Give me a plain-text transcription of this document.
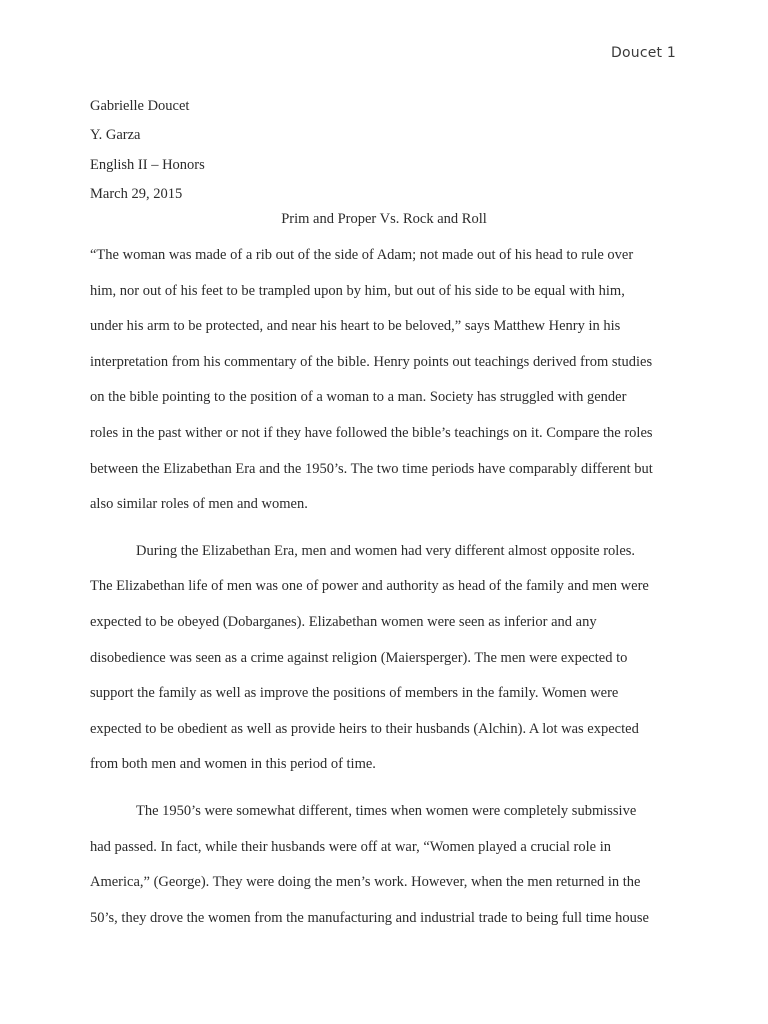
Doucet 1
Gabrielle Doucet
Y. Garza
English II – Honors
March 29, 2015
Prim and Proper Vs. Rock and Roll
“The woman was made of a rib out of the side of Adam; not made out of his head to rule over
him, nor out of his feet to be trampled upon by him, but out of his side to be equal with him,
under his arm to be protected, and near his heart to be beloved,” says Matthew Henry in his
interpretation from his commentary of the bible. Henry points out teachings derived from studies
on the bible pointing to the position of a woman to a man. Society has struggled with gender
roles in the past wither or not if they have followed the bible’s teachings on it. Compare the roles
between the Elizabethan Era and the 1950’s. The two time periods have comparably different but
also similar roles of men and women.
During the Elizabethan Era, men and women had very different almost opposite roles.
The Elizabethan life of men was one of power and authority as head of the family and men were
expected to be obeyed (Dobarganes). Elizabethan women were seen as inferior and any
disobedience was seen as a crime against religion (Maiersperger). The men were expected to
support the family as well as improve the positions of members in the family. Women were
expected to be obedient as well as provide heirs to their husbands (Alchin). A lot was expected
from both men and women in this period of time.
The 1950’s were somewhat different, times when women were completely submissive
had passed. In fact, while their husbands were off at war, “Women played a crucial role in
America,” (George). They were doing the men’s work. However, when the men returned in the
50’s, they drove the women from the manufacturing and industrial trade to being full time house
